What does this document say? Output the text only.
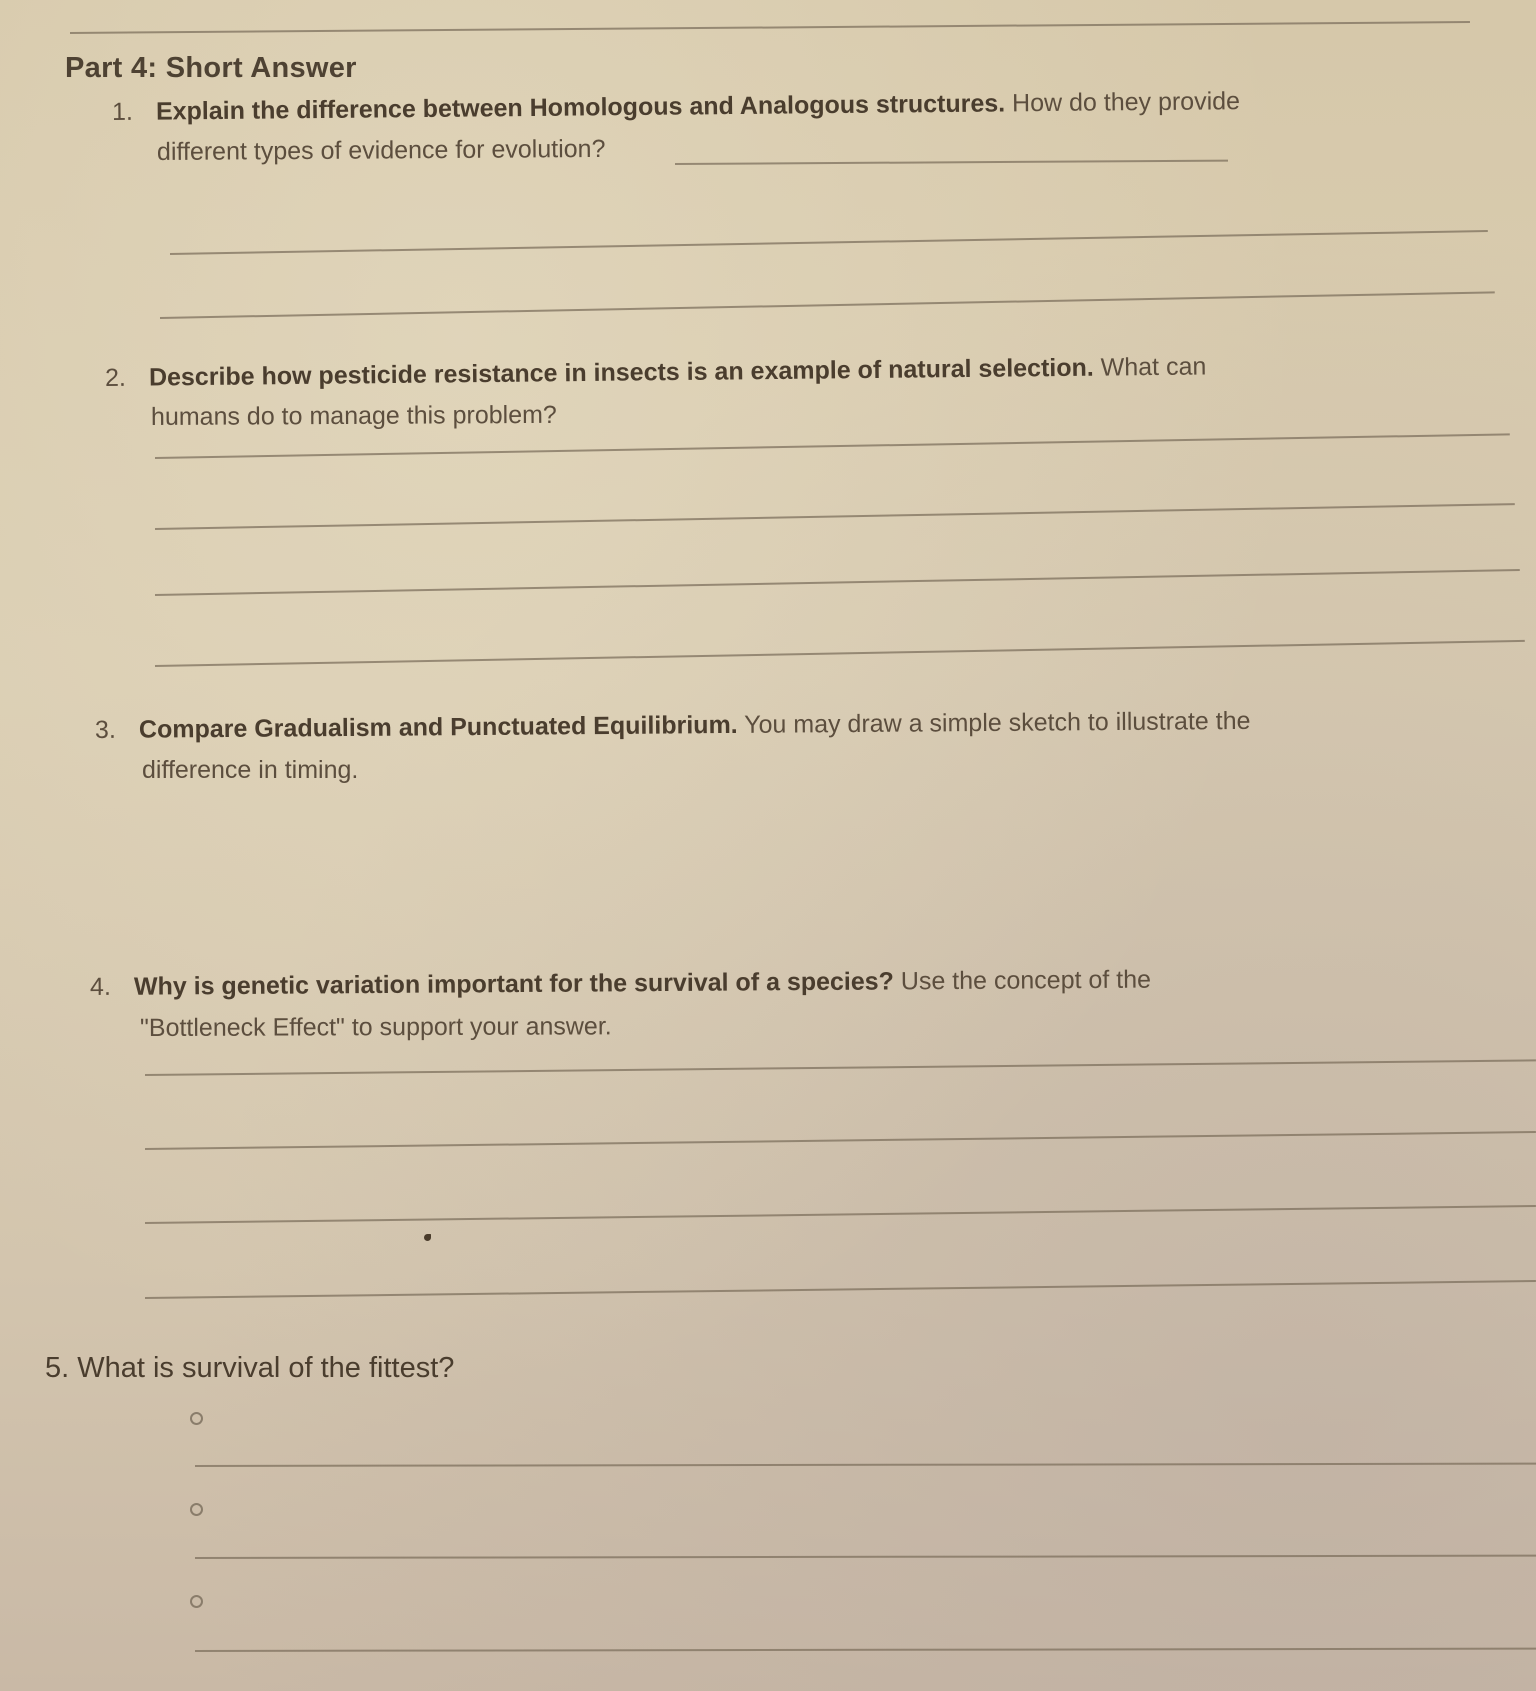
Part 4: Short Answer
1. Explain the difference between Homologous and Analogous structures. How do they provide
different types of evidence for evolution?
2. Describe how pesticide resistance in insects is an example of natural selection. What can
humans do to manage this problem?
3. Compare Gradualism and Punctuated Equilibrium. You may draw a simple sketch to illustrate the
difference in timing.
4. Why is genetic variation important for the survival of a species? Use the concept of the
"Bottleneck Effect" to support your answer.
5. What is survival of the fittest?
